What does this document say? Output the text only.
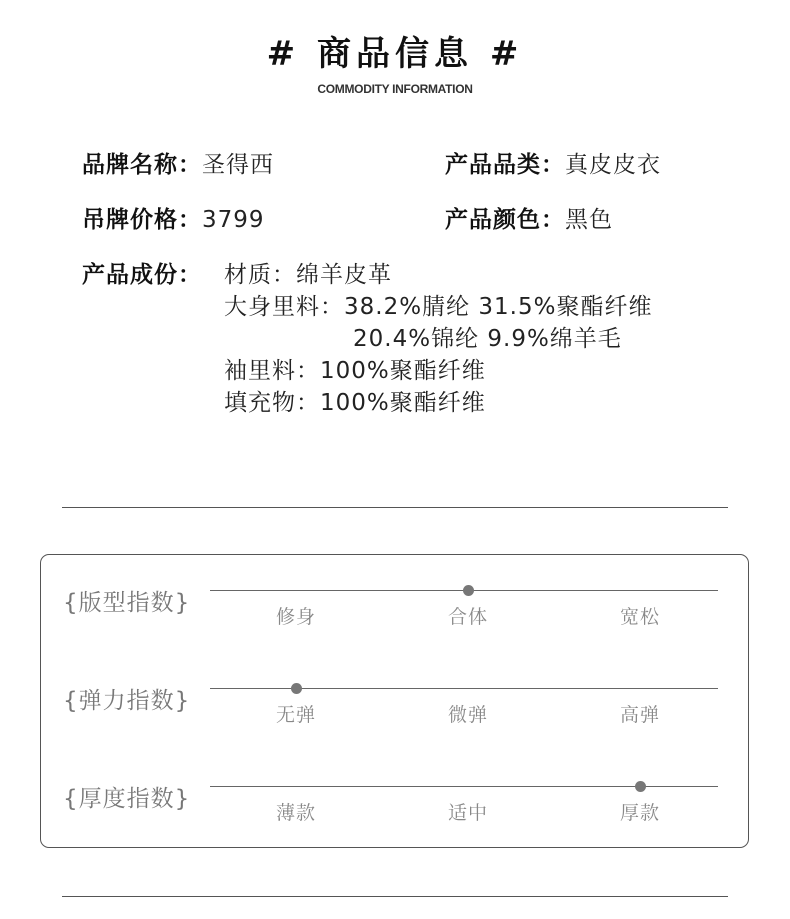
# 商品信息 #
COMMODITY INFORMATION
品牌名称：圣得西	产品品类：真皮皮衣
吊牌价格：3799	产品颜色：黑色
产品成份： 材质：绵羊皮革
大身里料：38.2%腈纶 31.5%聚酯纤维
20.4%锦纶 9.9%绵羊毛
袖里料：100%聚酯纤维
填充物：100%聚酯纤维
{版型指数}
修身	合体	宽松
{弹力指数}
无弹	微弹	高弹
{厚度指数}
薄款	适中	厚款
